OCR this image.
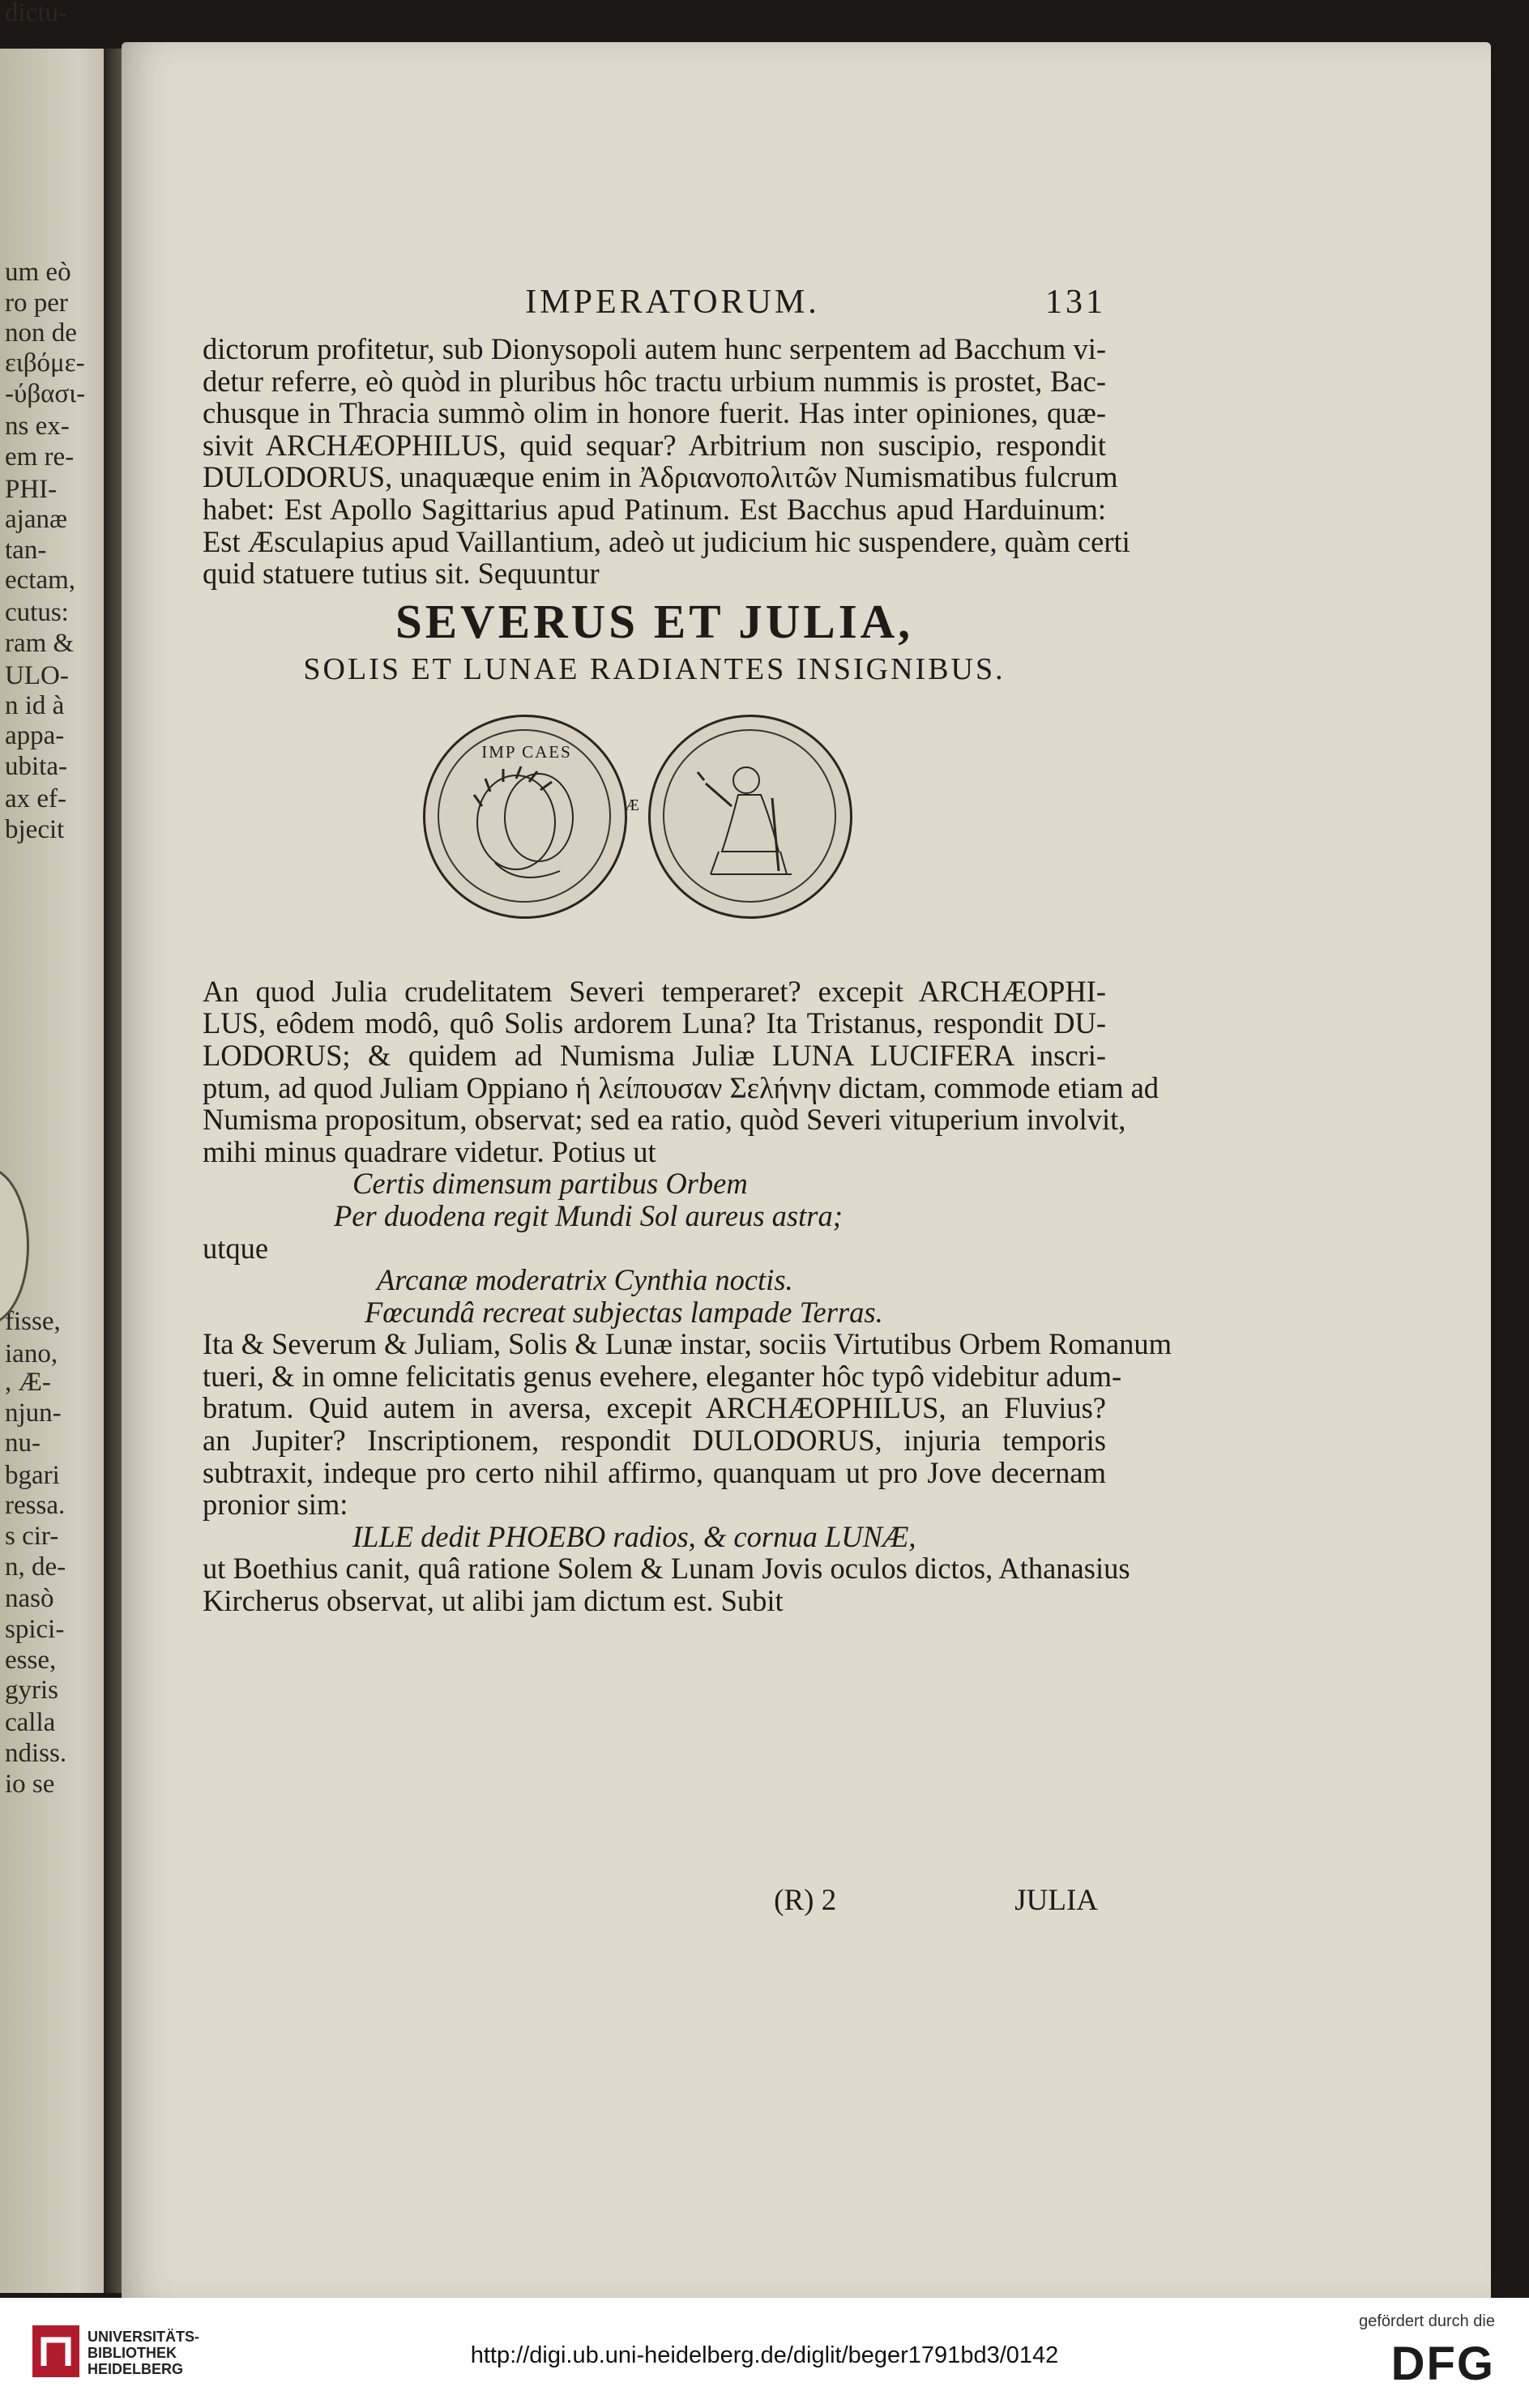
um eò
ro per
non de
ειβόμε-
-ύβασι-
ns ex-
em re-
PHI-
ajanæ
tan-
ectam,
cutus:
ram &
ULO-
n id à
appa-
ubita-
ax ef-
bjecit
fisse,
iano,
, Æ-
njun-
nu-
bgari
ressa.
s cir-
n, de-
nasò
spici-
esse,
gyris
calla
ndiss.
io se
dictu-
IMPERATORUM.	131
dictorum profitetur, sub Dionysopoli autem hunc serpentem ad Bacchum vi-
detur referre, eò quòd in pluribus hôc tractu urbium nummis is prostet, Bac-
chusque in Thracia summò olim in honore fuerit. Has inter opiniones, quæ-
sivit ARCHÆOPHILUS, quid sequar? Arbitrium non suscipio, respondit
DULODORUS, unaquæque enim in Ἀδριανοπολιτῶν Numismatibus fulcrum
habet: Est Apollo Sagittarius apud Patinum. Est Bacchus apud Harduinum:
Est Æsculapius apud Vaillantium, adeò ut judicium hic suspendere, quàm certi
quid statuere tutius sit. Sequuntur
SEVERUS ET JULIA,
SOLIS ET LUNAE RADIANTES INSIGNIBUS.
IMP CAES
Æ
An quod Julia crudelitatem Severi temperaret? excepit ARCHÆOPHI-
LUS, eôdem modô, quô Solis ardorem Luna? Ita Tristanus, respondit DU-
LODORUS; & quidem ad Numisma Juliæ LUNA LUCIFERA inscri-
ptum, ad quod Juliam Oppiano ἡ λείπουσαν Σελήνην dictam, commode etiam ad
Numisma propositum, observat; sed ea ratio, quòd Severi vituperium involvit,
mihi minus quadrare videtur. Potius ut
Certis dimensum partibus Orbem
Per duodena regit Mundi Sol aureus astra;
utque
Arcanæ moderatrix Cynthia noctis.
Fœcundâ recreat subjectas lampade Terras.
Ita & Severum & Juliam, Solis & Lunæ instar, sociis Virtutibus Orbem Romanum
tueri, & in omne felicitatis genus evehere, eleganter hôc typô videbitur adum-
bratum. Quid autem in aversa, excepit ARCHÆOPHILUS, an Fluvius?
an Jupiter? Inscriptionem, respondit DULODORUS, injuria temporis
subtraxit, indeque pro certo nihil affirmo, quanquam ut pro Jove decernam
pronior sim:
ILLE dedit PHOEBO radios, & cornua LUNÆ,
ut Boethius canit, quâ ratione Solem & Lunam Jovis oculos dictos, Athanasius
Kircherus observat, ut alibi jam dictum est. Subit
(R) 2	JULIA
UNIVERSITÄTS-
BIBLIOTHEK
HEIDELBERG
http://digi.ub.uni-heidelberg.de/diglit/beger1791bd3/0142
gefördert durch die
DFG
